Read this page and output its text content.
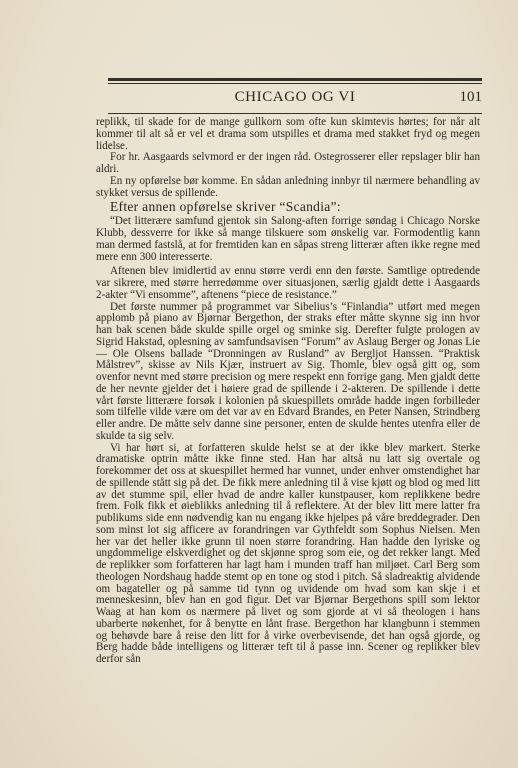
CHICAGO OG VI	101

replikk, til skade for de mange gullkorn som ofte kun skimtevis hørtes; for når alt kommer til alt så er vel et drama som utspilles et drama med stakket fryd og megen lidelse.

For hr. Aasgaards selvmord er der ingen råd. Ostegrosserer eller repslager blir han aldri.

En ny opførelse bør komme. En sådan anledning innbyr til nærmere behandling av stykket versus de spillende.

Efter annen opførelse skriver “Scandia”:

“Det litterære samfund gjentok sin Salong-aften forrige søndag i Chicago Norske Klubb, dessverre for ikke så mange tilskuere som ønskelig var. Formodentlig kann man dermed fastslå, at for fremtiden kan en såpas streng litterær aften ikke regne med mere enn 300 interesserte.

Aftenen blev imidlertid av ennu større verdi enn den første. Samtlige optredende var sikrere, med større herredømme over situasjonen, særlig gjaldt dette i Aasgaards 2-akter “Vi ensomme”, aftenens “piece de resistance.”

Det første nummer på programmet var Sibelius’s “Finlandia” utført med megen applomb på piano av Bjørnar Bergethon, der straks efter måtte skynne sig inn hvor han bak scenen både skulde spille orgel og sminke sig. Derefter fulgte prologen av Sigrid Hakstad, oplesning av samfundsavisen “Forum” av Aslaug Berger og Jonas Lie — Ole Olsens ballade “Dronningen av Rusland” av Bergljot Hanssen. “Praktisk Målstrev”, skisse av Nils Kjær, instruert av Sig. Thomle, blev også gitt og, som ovenfor nevnt med større precision og mere respekt enn forrige gang. Men gjaldt dette de her nevnte gjelder det i høiere grad de spillende i 2-akteren. De spillende i dette vårt første litterære forsøk i kolonien på skuespillets område hadde ingen forbilleder som tilfelle vilde være om det var av en Edvard Brandes, en Peter Nansen, Strindberg eller andre. De måtte selv danne sine personer, enten de skulde hentes utenfra eller de skulde ta sig selv.

Vi har hørt si, at forfatteren skulde helst se at der ikke blev markert. Sterke dramatiske optrin måtte ikke finne sted. Han har altså nu latt sig overtale og forekommer det oss at skuespillet hermed har vunnet, under enhver omstendighet har de spillende stått sig på det. De fikk mere anledning til å vise kjøtt og blod og med litt av det stumme spil, eller hvad de andre kaller kunstpauser, kom replikkene bedre frem. Folk fikk et øieblikks anledning til å reflektere. At der blev litt mere latter fra publikums side enn nødvendig kan nu engang ikke hjelpes på våre breddegrader. Den som minst lot sig afficere av forandringen var Gythfeldt som Sophus Nielsen. Men her var det heller ikke grunn til noen større forandring. Han hadde den lyriske og ungdommelige elskverdighet og det skjønne sprog som eie, og det rekker langt. Med de replikker som forfatteren har lagt ham i munden traff han miljøet. Carl Berg som theologen Nordshaug hadde stemt op en tone og stod i pitch. Så sladreaktig alvidende om bagateller og på samme tid tynn og uvidende om hvad som kan skje i et menneskesinn, blev han en god figur. Det var Bjørnar Bergethons spill som lektor Waag at han kom os nærmere på livet og som gjorde at vi så theologen i hans ubarberte nøkenhet, for å benytte en lånt frase. Bergethon har klangbunn i stemmen og behøvde bare å reise den litt for å virke overbevisende, det han også gjorde, og Berg hadde både intelligens og litterær teft til å passe inn. Scener og replikker blev derfor sån
